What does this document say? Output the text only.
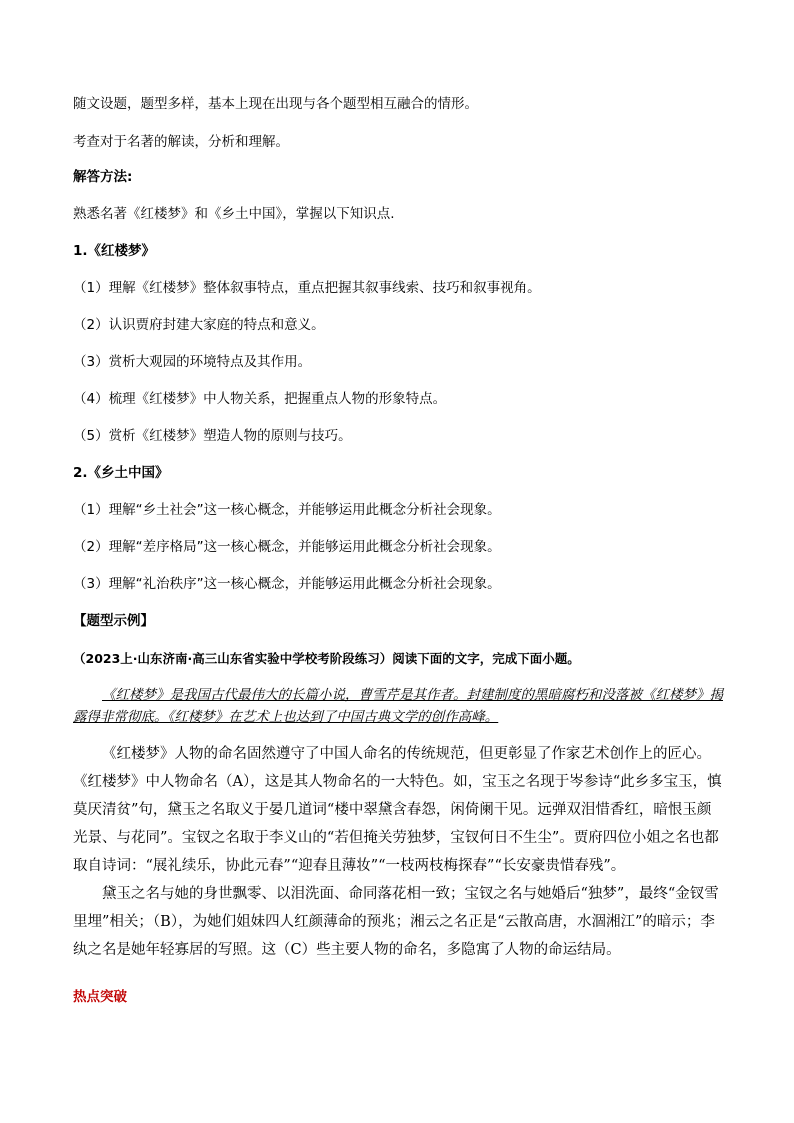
随文设题，题型多样，基本上现在出现与各个题型相互融合的情形。

考查对于名著的解读，分析和理解。

解答方法:

熟悉名著《红楼梦》和《乡土中国》，掌握以下知识点.

1.《红楼梦》

（1）理解《红楼梦》整体叙事特点，重点把握其叙事线索、技巧和叙事视角。

（2）认识贾府封建大家庭的特点和意义。

（3）赏析大观园的环境特点及其作用。

（4）梳理《红楼梦》中人物关系，把握重点人物的形象特点。

（5）赏析《红楼梦》塑造人物的原则与技巧。

2.《乡土中国》

（1）理解“乡土社会”这一核心概念，并能够运用此概念分析社会现象。

（2）理解“差序格局”这一核心概念，并能够运用此概念分析社会现象。

（3）理解“礼治秩序”这一核心概念，并能够运用此概念分析社会现象。

【题型示例】

（2023上·山东济南·高三山东省实验中学校考阶段练习）阅读下面的文字，完成下面小题。

《红楼梦》是我国古代最伟大的长篇小说，曹雪芹是其作者。封建制度的黑暗腐朽和没落被《红楼梦》揭露得非常彻底。《红楼梦》在艺术上也达到了中国古典文学的创作高峰。

《红楼梦》人物的命名固然遵守了中国人命名的传统规范，但更彰显了作家艺术创作上的匠心。《红楼梦》中人物命名（A），这是其人物命名的一大特色。如，宝玉之名现于岑参诗“此乡多宝玉，慎莫厌清贫”句，黛玉之名取义于晏几道词“楼中翠黛含春怨，闲倚阑干见。远弹双泪惜香红，暗恨玉颜光景、与花同”。宝钗之名取于李义山的“若但掩关劳独梦，宝钗何日不生尘”。贾府四位小姐之名也都取自诗词：“展礼续乐，协此元春”“迎春且薄妆”“一枝两枝梅探春”“长安豪贵惜春残”。

黛玉之名与她的身世飘零、以泪洗面、命同落花相一致；宝钗之名与她婚后“独梦”，最终“金钗雪里埋”相关；（B），为她们姐妹四人红颜薄命的预兆；湘云之名正是“云散高唐，水涸湘江”的暗示；李纨之名是她年轻寡居的写照。这（C）些主要人物的命名，多隐寓了人物的命运结局。

热点突破
